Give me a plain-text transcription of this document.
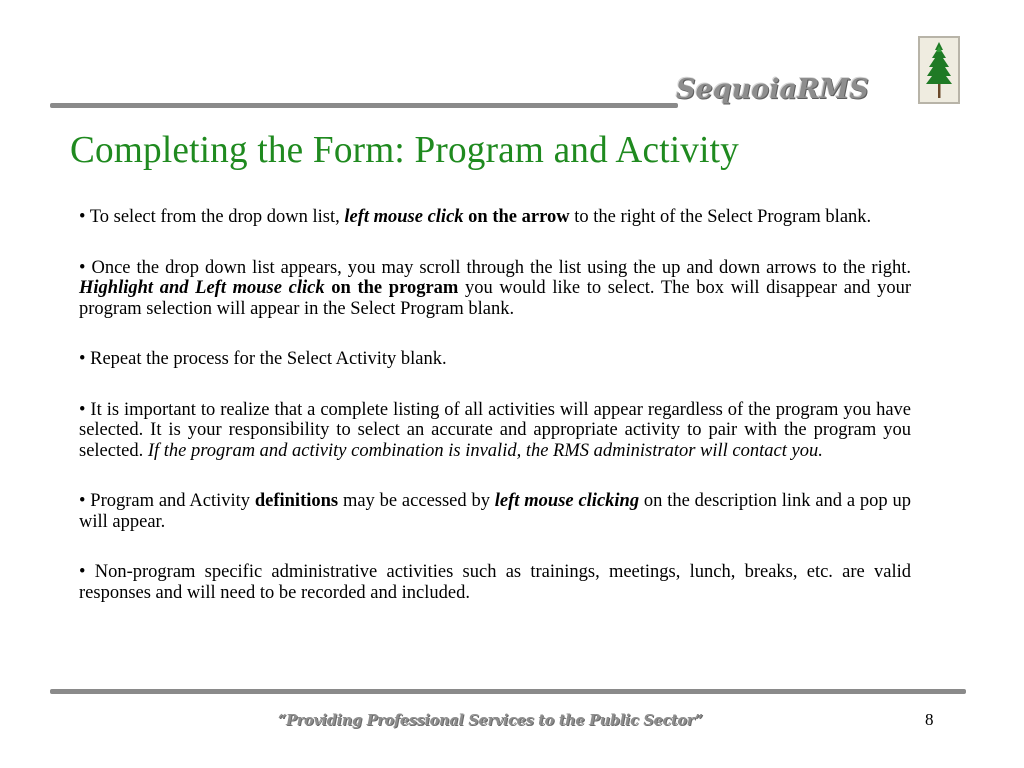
SequoiaRMS
Completing the Form: Program and Activity

• To select from the drop down list, left mouse click on the arrow to the right of the Select Program blank.

• Once the drop down list appears, you may scroll through the list using the up and down arrows to the right. Highlight and Left mouse click on the program you would like to select. The box will disappear and your program selection will appear in the Select Program blank.

• Repeat the process for the Select Activity blank.

• It is important to realize that a complete listing of all activities will appear regardless of the program you have selected. It is your responsibility to select an accurate and appropriate activity to pair with the program you selected. If the program and activity combination is invalid, the RMS administrator will contact you.

• Program and Activity definitions may be accessed by left mouse clicking on the description link and a pop up will appear.

• Non-program specific administrative activities such as trainings, meetings, lunch, breaks, etc. are valid responses and will need to be recorded and included.

“Providing Professional Services to the Public Sector”	8
